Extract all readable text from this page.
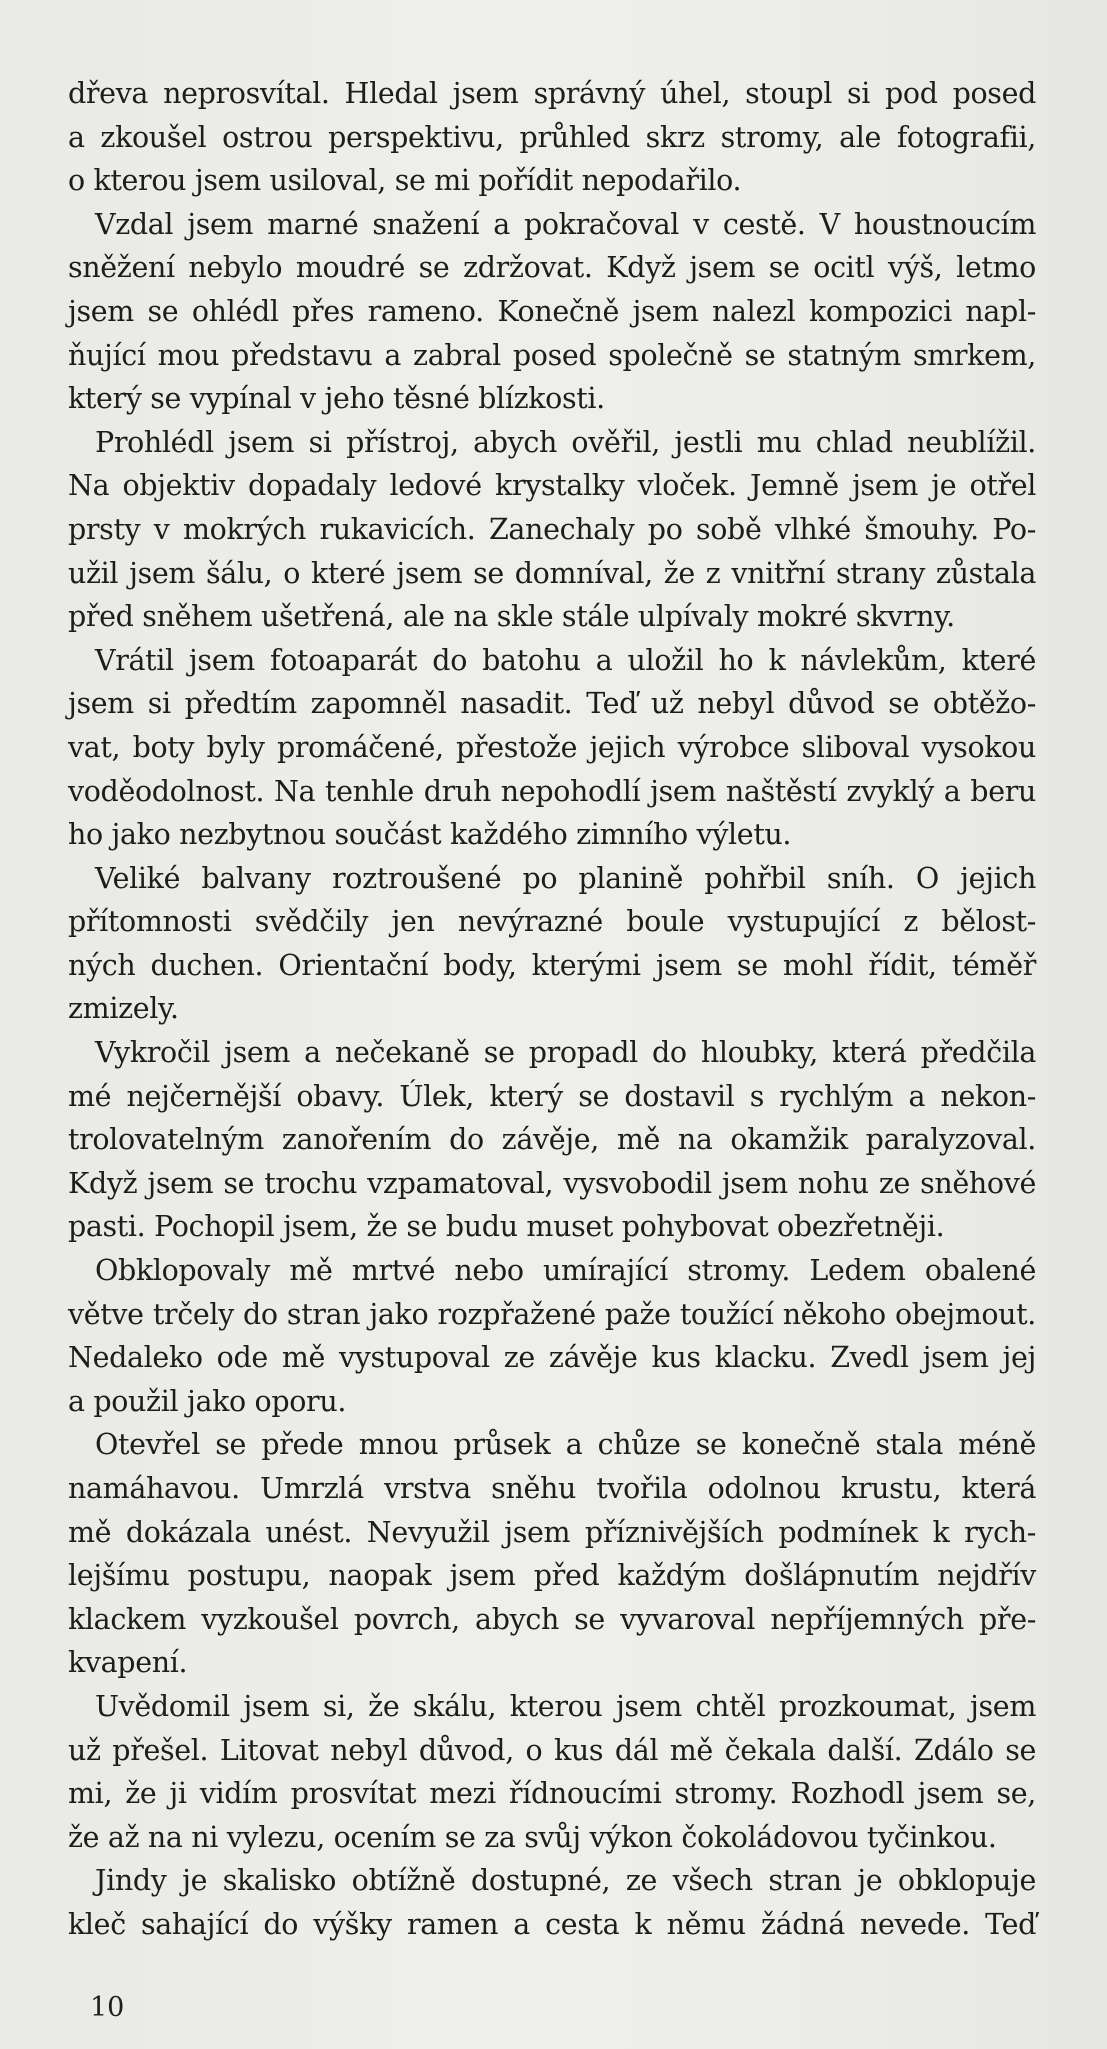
dřeva neprosvítal. Hledal jsem správný úhel, stoupl si pod posed
a zkoušel ostrou perspektivu, průhled skrz stromy, ale fotografii,
o kterou jsem usiloval, se mi pořídit nepodařilo.
Vzdal jsem marné snažení a pokračoval v cestě. V houstnoucím
sněžení nebylo moudré se zdržovat. Když jsem se ocitl výš, letmo
jsem se ohlédl přes rameno. Konečně jsem nalezl kompozici napl-
ňující mou představu a zabral posed společně se statným smrkem,
který se vypínal v jeho těsné blízkosti.
Prohlédl jsem si přístroj, abych ověřil, jestli mu chlad neublížil.
Na objektiv dopadaly ledové krystalky vloček. Jemně jsem je otřel
prsty v mokrých rukavicích. Zanechaly po sobě vlhké šmouhy. Po-
užil jsem šálu, o které jsem se domníval, že z vnitřní strany zůstala
před sněhem ušetřená, ale na skle stále ulpívaly mokré skvrny.
Vrátil jsem fotoaparát do batohu a uložil ho k návlekům, které
jsem si předtím zapomněl nasadit. Teď už nebyl důvod se obtěžo-
vat, boty byly promáčené, přestože jejich výrobce sliboval vysokou
voděodolnost. Na tenhle druh nepohodlí jsem naštěstí zvyklý a beru
ho jako nezbytnou součást každého zimního výletu.
Veliké balvany roztroušené po planině pohřbil sníh. O jejich
přítomnosti svědčily jen nevýrazné boule vystupující z bělost-
ných duchen. Orientační body, kterými jsem se mohl řídit, téměř
zmizely.
Vykročil jsem a nečekaně se propadl do hloubky, která předčila
mé nejčernější obavy. Úlek, který se dostavil s rychlým a nekon-
trolovatelným zanořením do závěje, mě na okamžik paralyzoval.
Když jsem se trochu vzpamatoval, vysvobodil jsem nohu ze sněhové
pasti. Pochopil jsem, že se budu muset pohybovat obezřetněji.
Obklopovaly mě mrtvé nebo umírající stromy. Ledem obalené
větve trčely do stran jako rozpřažené paže toužící někoho obejmout.
Nedaleko ode mě vystupoval ze závěje kus klacku. Zvedl jsem jej
a použil jako oporu.
Otevřel se přede mnou průsek a chůze se konečně stala méně
namáhavou. Umrzlá vrstva sněhu tvořila odolnou krustu, která
mě dokázala unést. Nevyužil jsem příznivějších podmínek k rych-
lejšímu postupu, naopak jsem před každým došlápnutím nejdřív
klackem vyzkoušel povrch, abych se vyvaroval nepříjemných pře-
kvapení.
Uvědomil jsem si, že skálu, kterou jsem chtěl prozkoumat, jsem
už přešel. Litovat nebyl důvod, o kus dál mě čekala další. Zdálo se
mi, že ji vidím prosvítat mezi řídnoucími stromy. Rozhodl jsem se,
že až na ni vylezu, ocením se za svůj výkon čokoládovou tyčinkou.
Jindy je skalisko obtížně dostupné, ze všech stran je obklopuje
kleč sahající do výšky ramen a cesta k němu žádná nevede. Teď
10
